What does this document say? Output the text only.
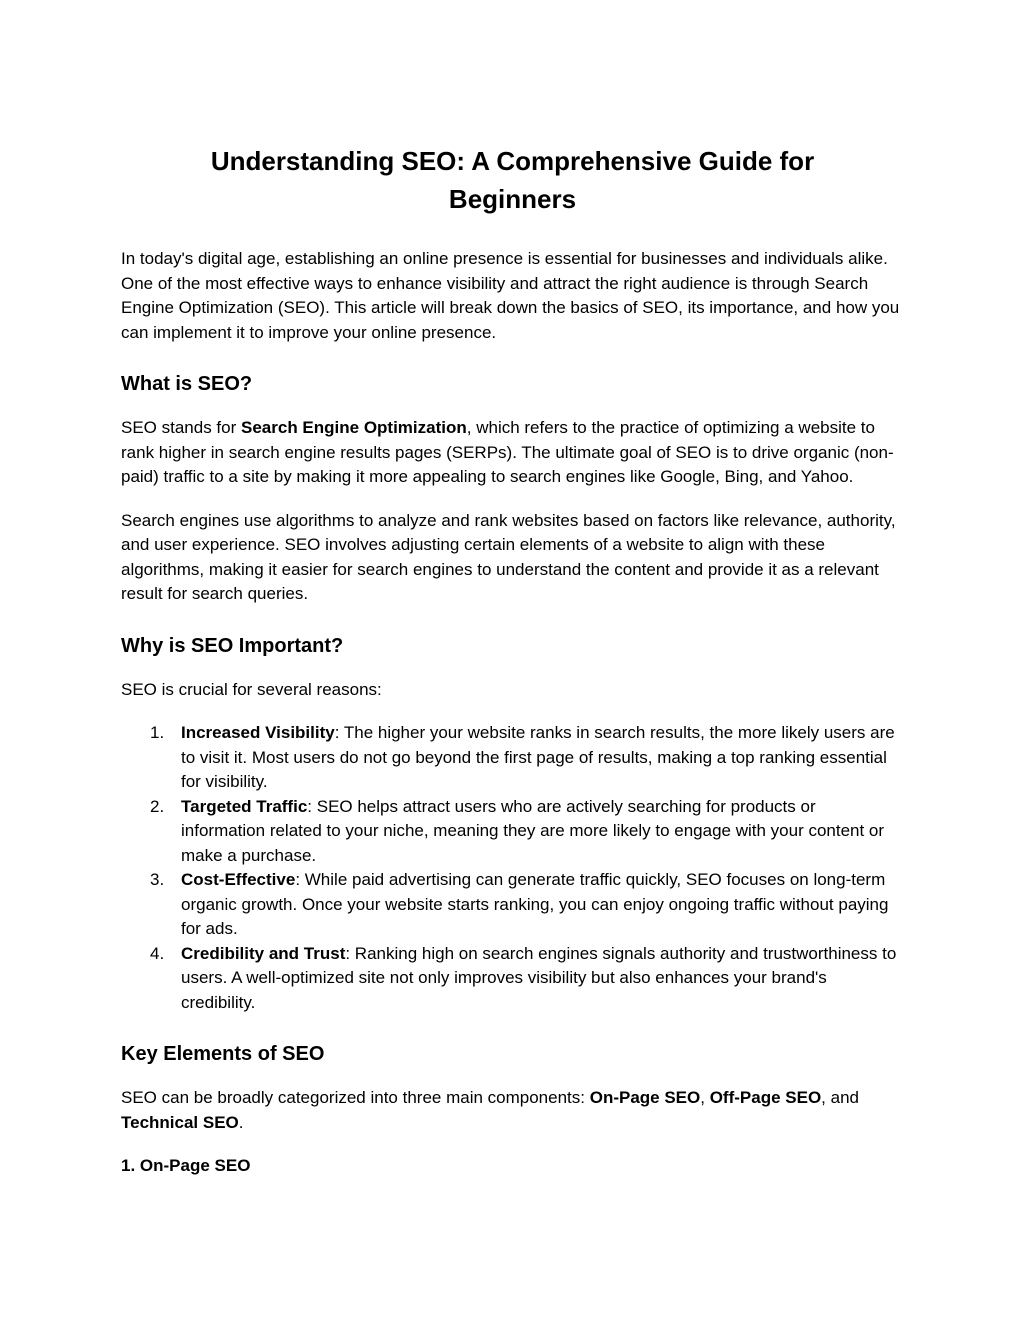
Understanding SEO: A Comprehensive Guide for Beginners

In today's digital age, establishing an online presence is essential for businesses and individuals alike. One of the most effective ways to enhance visibility and attract the right audience is through Search Engine Optimization (SEO). This article will break down the basics of SEO, its importance, and how you can implement it to improve your online presence.

What is SEO?

SEO stands for Search Engine Optimization, which refers to the practice of optimizing a website to rank higher in search engine results pages (SERPs). The ultimate goal of SEO is to drive organic (non-paid) traffic to a site by making it more appealing to search engines like Google, Bing, and Yahoo.

Search engines use algorithms to analyze and rank websites based on factors like relevance, authority, and user experience. SEO involves adjusting certain elements of a website to align with these algorithms, making it easier for search engines to understand the content and provide it as a relevant result for search queries.

Why is SEO Important?

SEO is crucial for several reasons:

1. Increased Visibility: The higher your website ranks in search results, the more likely users are to visit it. Most users do not go beyond the first page of results, making a top ranking essential for visibility.
2. Targeted Traffic: SEO helps attract users who are actively searching for products or information related to your niche, meaning they are more likely to engage with your content or make a purchase.
3. Cost-Effective: While paid advertising can generate traffic quickly, SEO focuses on long-term organic growth. Once your website starts ranking, you can enjoy ongoing traffic without paying for ads.
4. Credibility and Trust: Ranking high on search engines signals authority and trustworthiness to users. A well-optimized site not only improves visibility but also enhances your brand's credibility.
Key Elements of SEO

SEO can be broadly categorized into three main components: On-Page SEO, Off-Page SEO, and Technical SEO.

1. On-Page SEO
